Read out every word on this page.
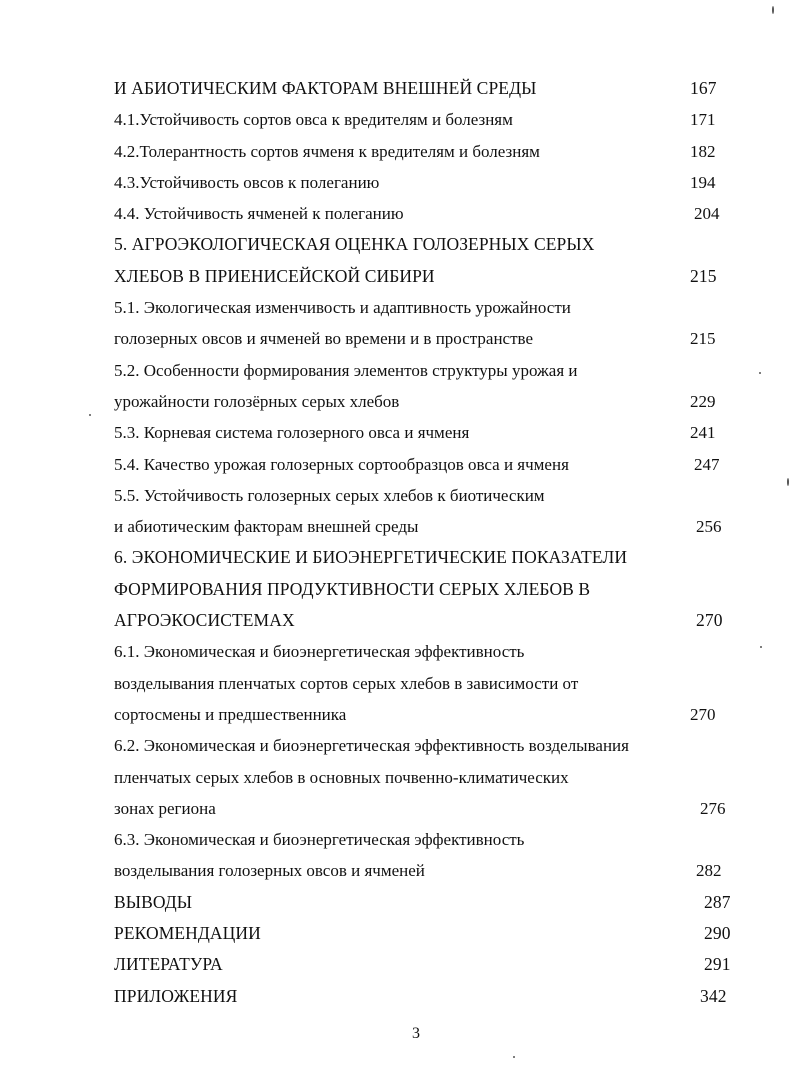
И АБИОТИЧЕСКИМ ФАКТОРАМ ВНЕШНЕЙ СРЕДЫ	167
4.1.Устойчивость сортов овса к вредителям и болезням	171
4.2.Толерантность сортов ячменя к вредителям и болезням	182
4.3.Устойчивость овсов к полеганию	194
4.4. Устойчивость ячменей к полеганию	204
5. АГРОЭКОЛОГИЧЕСКАЯ ОЦЕНКА ГОЛОЗЕРНЫХ СЕРЫХ
ХЛЕБОВ В ПРИЕНИСЕЙСКОЙ СИБИРИ	215
5.1. Экологическая изменчивость и адаптивность урожайности
голозерных овсов и ячменей во времени и в пространстве	215
5.2. Особенности формирования элементов структуры урожая и
урожайности голозёрных серых хлебов	229
5.3. Корневая система голозерного овса и ячменя	241
5.4. Качество урожая голозерных сортообразцов овса и ячменя	247
5.5. Устойчивость голозерных серых хлебов к биотическим
и абиотическим факторам внешней среды	256
6. ЭКОНОМИЧЕСКИЕ И БИОЭНЕРГЕТИЧЕСКИЕ ПОКАЗАТЕЛИ
ФОРМИРОВАНИЯ ПРОДУКТИВНОСТИ СЕРЫХ ХЛЕБОВ В
АГРОЭКОСИСТЕМАХ	270
6.1. Экономическая и биоэнергетическая эффективность
возделывания пленчатых сортов серых хлебов в зависимости от
сортосмены и предшественника	270
6.2. Экономическая и биоэнергетическая эффективность возделывания
пленчатых серых хлебов в основных почвенно-климатических
зонах региона	276
6.3. Экономическая и биоэнергетическая эффективность
возделывания голозерных овсов и ячменей	282
ВЫВОДЫ	287
РЕКОМЕНДАЦИИ	290
ЛИТЕРАТУРА	291
ПРИЛОЖЕНИЯ	342
3
